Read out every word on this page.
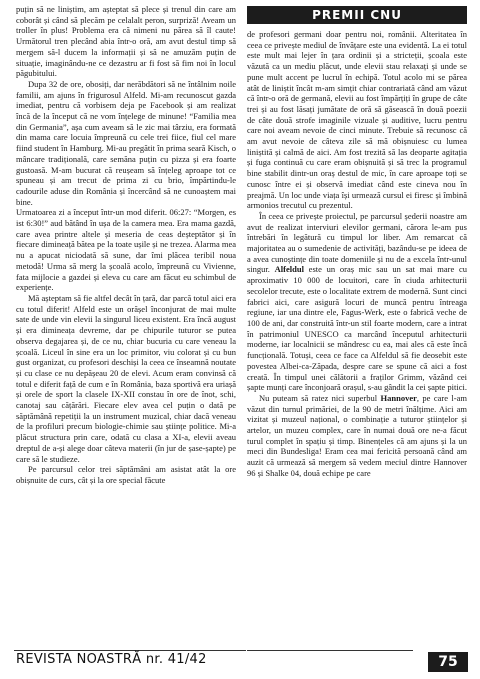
puțin să ne liniștim, am așteptat să plece și trenul din care am coborât și când să plecăm pe celalalt peron, surpriză! Aveam un troller în plus! Problema era că nimeni nu părea să îl caute! Următorul tren plecând abia într-o oră, am avut destul timp să mergem să-l ducem la informații și să ne amuzăm puțin de situație, imaginându-ne ce dezastru ar fi fost să fim noi în locul păgubitului.

Dupa 32 de ore, obosiți, dar nerăbdători să ne întâlnim noile familii, am ajuns în frigurosul Alfeld. Mi-am recunoscut gazda imediat, pentru că vorbisem deja pe Facebook și am realizat încă de la început că ne vom înțelege de minune! “Familia mea din Germania”, așa cum aveam să le zic mai târziu, era formată din mama care locuia împreună cu cele trei fiice, fiul cel mare fiind student în Hamburg. Mi-au pregătit în prima seară Kisch, o mâncare tradițională, care semăna puțin cu pizza și era foarte gustoasă. M-am bucurat că reușeam să înțeleg aproape tot ce spuneau și am trecut de prima zi cu brio, împărtindu-le cadourile aduse din România și încercând să ne cunoaștem mai bine.

Urmatoarea zi a început într-un mod diferit. 06:27: “Morgen, es ist 6:30!” aud bătând în ușa de la camera mea. Era mama gazdă, care avea printre altele și meseria de ceas deșteptător și în fiecare dimineață bătea pe la toate ușile și ne trezea. Alarma mea nu a apucat niciodată să sune, dar îmi plăcea teribil noua metodă! Urma să merg la școală acolo, împreună cu Vivienne, fata mijlocie a gazdei și eleva cu care am făcut eu schimbul de experiențe.

Mă așteptam să fie altfel decât în țară, dar parcă totul aici era cu totul diferit! Alfeld este un orășel înconjurat de mai multe sate de unde vin elevii la singurul liceu existent. Era încă august și era dimineața devreme, dar pe chipurile tuturor se putea observa degajarea și, de ce nu, chiar bucuria cu care veneau la școală. Liceul în sine era un loc primitor, viu colorat și cu bun gust organizat, cu profesori deschiși la ceea ce înseamnă noutate și cu clase ce nu depășeau 20 de elevi. Acum eram convinsă că totul e diferit față de cum e în România, baza sportivă era uriașă și orele de sport la clasele IX-XII constau în ore de înot, schi, canotaj sau cățărări. Fiecare elev avea cel puțin o dată pe săptămână repetiții la un instrument muzical, chiar dacă veneau de la profiluri precum biologie-chimie sau științe politice. Mi-a plăcut structura prin care, odată cu clasa a XI-a, elevii aveau dreptul de a-și alege doar câteva materii (în jur de șase-șapte) pe care să le studieze.

Pe parcursul celor trei săptămâni am asistat atât la ore obișnuite de curs, cât și la ore special făcute

PREMII CNU

de profesori germani doar pentru noi, românii. Alteritatea în ceea ce privește mediul de învățare este una evidentă. La ei totul este mult mai lejer în țara ordinii și a stricteții, școala este văzută ca un mediu plăcut, unde elevii stau relaxați și unde se pune mult accent pe lucrul în echipă. Totul acolo mi se părea atât de liniștit încât m-am simțit chiar contrariată când am văzut că într-o oră de germană, elevii au fost împărțiți în grupe de câte trei și au fost lăsați jumătate de oră să găsească în două poezii de câte două strofe imaginile vizuale și auditive, lucru pentru care noi aveam nevoie de cinci minute. Trebuie să recunosc că am avut nevoie de câteva zile să mă obișnuiesc cu lumea liniștită și calmă de aici. Am fost trezită să las deoparte agitația și fuga continuă cu care eram obișnuită și să trec la programul bine stabilit dintr-un oraș destul de mic, în care aproape toți se cunosc între ei și observă imediat când este cineva nou în preajmă. Un loc unde viața își urmează cursul ei firesc și îmbină armonios trecutul cu prezentul.

În ceea ce privește proiectul, pe parcursul șederii noastre am avut de realizat interviuri elevilor germani, cărora le-am pus întrebări în legătură cu timpul lor liber. Am remarcat că majoritatea au o sumedenie de activități, bazându-se pe ideea de a avea cunoștințe din toate domeniile și nu de a excela într-unul singur. Alfeldul este un oraș mic sau un sat mai mare cu aproximativ 10 000 de locuitori, care în ciuda arhitecturii secolelor trecute, este o localitate extrem de modernă. Sunt cinci fabrici aici, care asigură locuri de muncă pentru întreaga regiune, iar una dintre ele, Fagus-Werk, este o fabrică veche de 100 de ani, dar construită într-un stil foarte modern, care a intrat în patrimoniul UNESCO ca marcând începutul arhitecturii moderne, iar localnicii se mândresc cu ea, mai ales că este încă funcțională. Totuși, ceea ce face ca Alfeldul să fie deosebit este povestea Albei-ca-Zăpada, despre care se spune că aici a fost creată. În timpul unei călătorii a fraților Grimm, văzând cei șapte munți care înconjoară orașul, s-au gândit la cei șapte pitici.

Nu puteam să ratez nici superbul Hannover, pe care l-am văzut din turnul primăriei, de la 90 de metri înălțime. Aici am vizitat și muzeul național, o combinație a tuturor științelor și artelor, un muzeu complex, care în numai două ore ne-a făcut turul complet în spațiu și timp. Binențeles că am ajuns și la un meci din Bundesliga! Eram cea mai fericită persoană când am auzit că urmează să mergem să vedem meciul dintre Hannover 96 și Shalke 04, două echipe pe care

REVISTA NOASTRĂ nr. 41/42	75
